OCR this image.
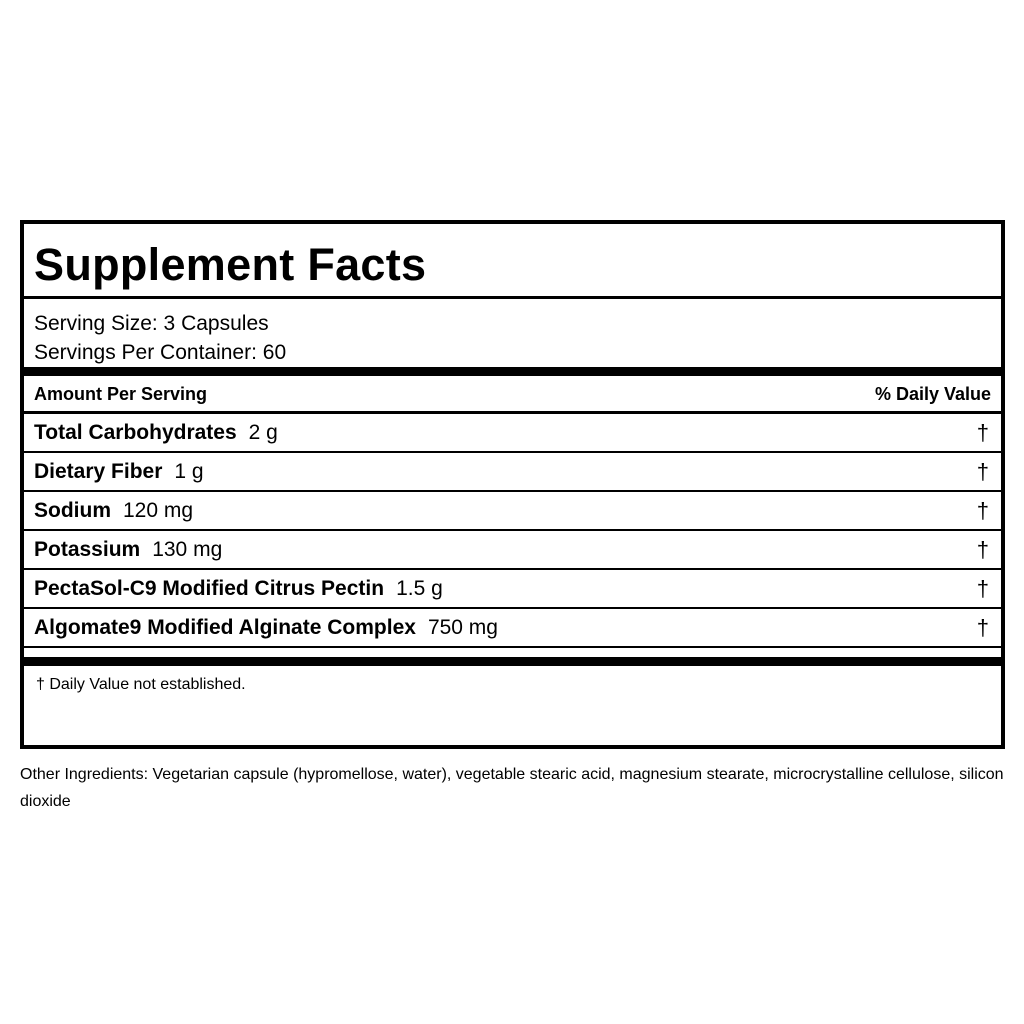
Supplement Facts
Serving Size: 3 Capsules
Servings Per Container: 60
Amount Per Serving	% Daily Value
Total Carbohydrates 2 g	†
Dietary Fiber 1 g	†
Sodium 120 mg	†
Potassium 130 mg	†
PectaSol-C9 Modified Citrus Pectin 1.5 g	†
Algomate9 Modified Alginate Complex 750 mg	†
† Daily Value not established.
Other Ingredients: Vegetarian capsule (hypromellose, water), vegetable stearic acid, magnesium stearate, microcrystalline cellulose, silicon dioxide
